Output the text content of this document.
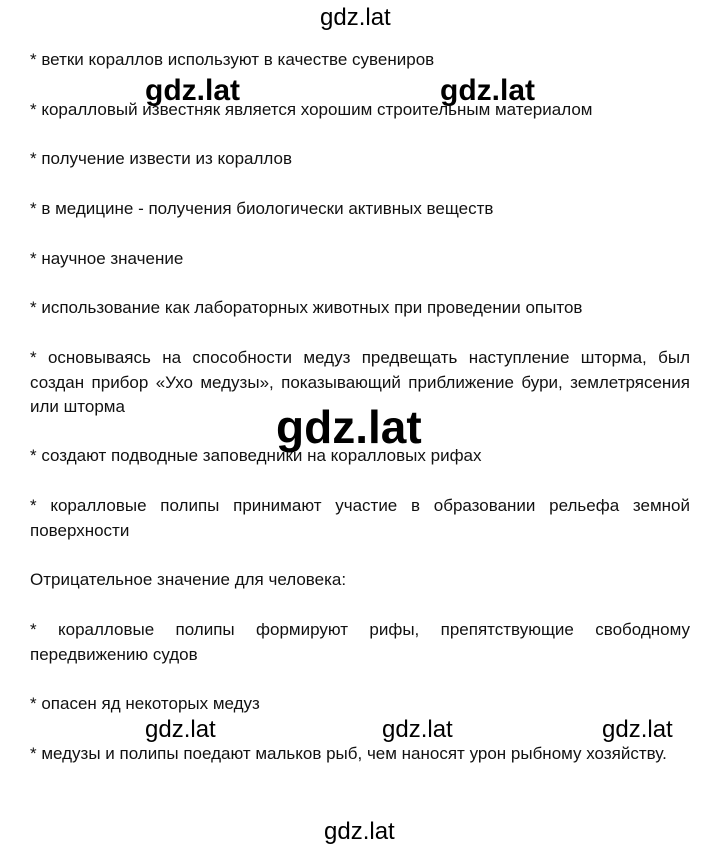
gdz.lat
* ветки кораллов используют в качестве сувениров
* коралловый известняк является хорошим строительным материалом
gdz.lat	gdz.lat
* получение извести из кораллов
* в медицине - получения биологически активных веществ
* научное значение
* использование как лабораторных животных при проведении опытов
* основываясь на способности медуз предвещать наступление шторма, был создан прибор «Ухо медузы», показывающий приближение бури, землетрясения или шторма	gdz.lat
* создают подводные заповедники на коралловых рифах
* коралловые полипы принимают участие в образовании рельефа земной поверхности
Отрицательное значение для человека:
* коралловые полипы формируют рифы, препятствующие свободному передвижению судов
* опасен яд некоторых медуз
gdz.lat	gdz.lat	gdz.lat
* медузы и полипы поедают мальков рыб, чем наносят урон рыбному хозяйству.
gdz.lat
